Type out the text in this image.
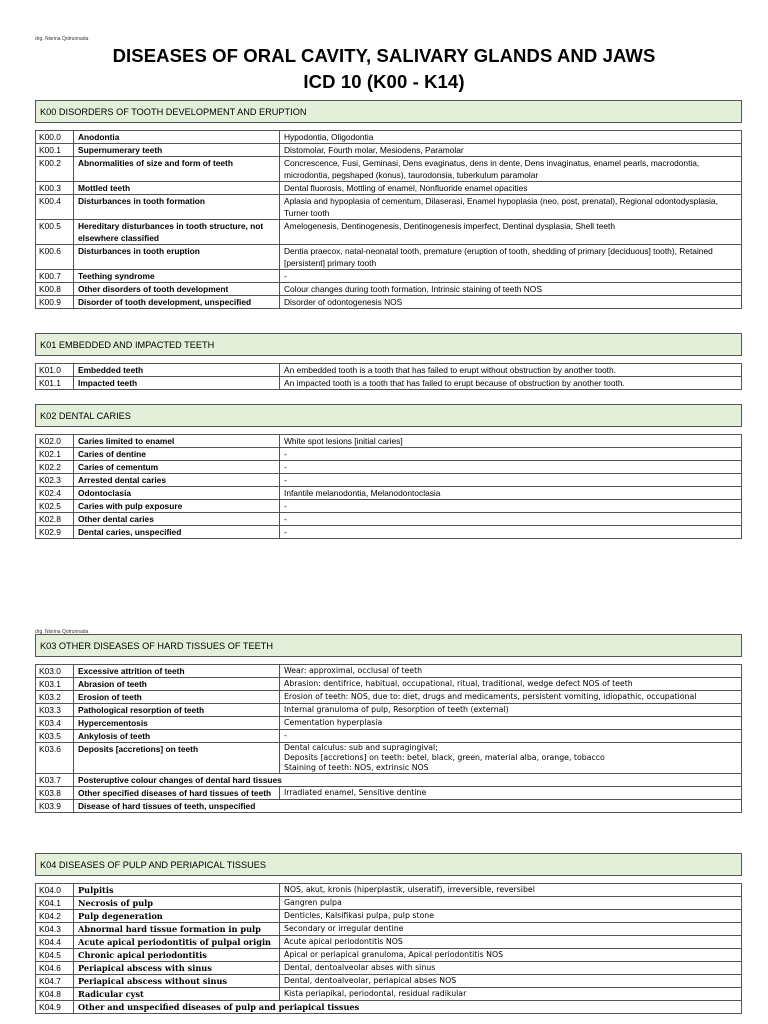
drg. Nisrina Qotrunnada
DISEASES OF ORAL CAVITY, SALIVARY GLANDS AND JAWS
ICD 10 (K00 - K14)
drg. Nisrina Qotrunnada
K00 DISORDERS OF TOOTH DEVELOPMENT AND ERUPTION		

K00.0	Anodontia	Hypodontia, Oligodontia
K00.1	Supernumerary teeth	Distomolar, Fourth molar, Mesiodens, Paramolar
K00.2	Abnormalities of size and form of teeth	Concrescence, Fusi, Geminasi, Dens evaginatus, dens in dente, Dens invaginatus, enamel pearls, macrodontia, microdontia, pegshaped (konus), taurodonsia, tuberkulum paramolar
K00.3	Mottled teeth	Dental fluorosis, Mottling of enamel, Nonfluoride enamel opacities
K00.4	Disturbances in tooth formation	Aplasia and hypoplasia of cementum, Dilaserasi, Enamel hypoplasia (neo, post, prenatal), Regional odontodysplasia, Turner tooth
K00.5	Hereditary disturbances in tooth structure, not elsewhere classified	Amelogenesis, Dentinogenesis, Dentinogenesis imperfect, Dentinal dysplasia, Shell teeth
K00.6	Disturbances in tooth eruption	Dentia praecox, natal-neonatal tooth, premature (eruption of tooth, shedding of primary [deciduous] tooth), Retained [persistent] primary tooth
K00.7	Teething syndrome	-
K00.8	Other disorders of tooth development	Colour changes during tooth formation, Intrinsic staining of teeth NOS
K00.9	Disorder of tooth development, unspecified	Disorder of odontogenesis NOS
K01 EMBEDDED AND IMPACTED TEETH		

K01.0	Embedded teeth	An embedded tooth is a tooth that has failed to erupt without obstruction by another tooth.
K01.1	Impacted teeth	An impacted tooth is a tooth that has failed to erupt because of obstruction by another tooth.
K02 DENTAL CARIES		

K02.0	Caries limited to enamel	White spot lesions [initial caries]
K02.1	Caries of dentine	-
K02.2	Caries of cementum	-
K02.3	Arrested dental caries	-
K02.4	Odontoclasia	Infantile melanodontia, Melanodontoclasia
K02.5	Caries with pulp exposure	-
K02.8	Other dental caries	-
K02.9	Dental caries, unspecified	-
K03 OTHER DISEASES OF HARD TISSUES OF TEETH		

K03.0	Excessive attrition of teeth	Wear: approximal, occlusal of teeth
K03.1	Abrasion of teeth	Abrasion: dentifrice, habitual, occupational, ritual, traditional, wedge defect NOS of teeth
K03.2	Erosion of teeth	Erosion of teeth: NOS, due to: diet, drugs and medicaments, persistent vomiting, idiopathic, occupational
K03.3	Pathological resorption of teeth	Internal granuloma of pulp, Resorption of teeth (external)
K03.4	Hypercementosis	Cementation hyperplasia
K03.5	Ankylosis of teeth	-
K03.6	Deposits [accretions] on teeth	Dental calculus: sub and supragingival;
Deposits [accretions] on teeth: betel, black, green, material alba, orange, tobacco
Staining of teeth: NOS, extrinsic NOS
K03.7	Posteruptive colour changes of dental hard tissues	
K03.8	Other specified diseases of hard tissues of teeth	Irradiated enamel, Sensitive dentine
K03.9	Disease of hard tissues of teeth, unspecified	
K04 DISEASES OF PULP AND PERIAPICAL TISSUES		

K04.0	Pulpitis	NOS, akut, kronis (hiperplastik, ulseratif), irreversible, reversibel
K04.1	Necrosis of pulp	Gangren pulpa
K04.2	Pulp degeneration	Denticles, Kalsifikasi pulpa, pulp stone
K04.3	Abnormal hard tissue formation in pulp	Secondary or irregular dentine
K04.4	Acute apical periodontitis of pulpal origin	Acute apical periodontitis NOS
K04.5	Chronic apical periodontitis	Apical or periapical granuloma, Apical periodontitis NOS
K04.6	Periapical abscess with sinus	Dental, dentoalveolar abses with sinus
K04.7	Periapical abscess without sinus	Dental, dentoalveolar, periapical abses NOS
K04.8	Radicular cyst	Kista periapikal, periodontal, residual radikular
K04.9	Other and unspecified diseases of pulp and periapical tissues	
